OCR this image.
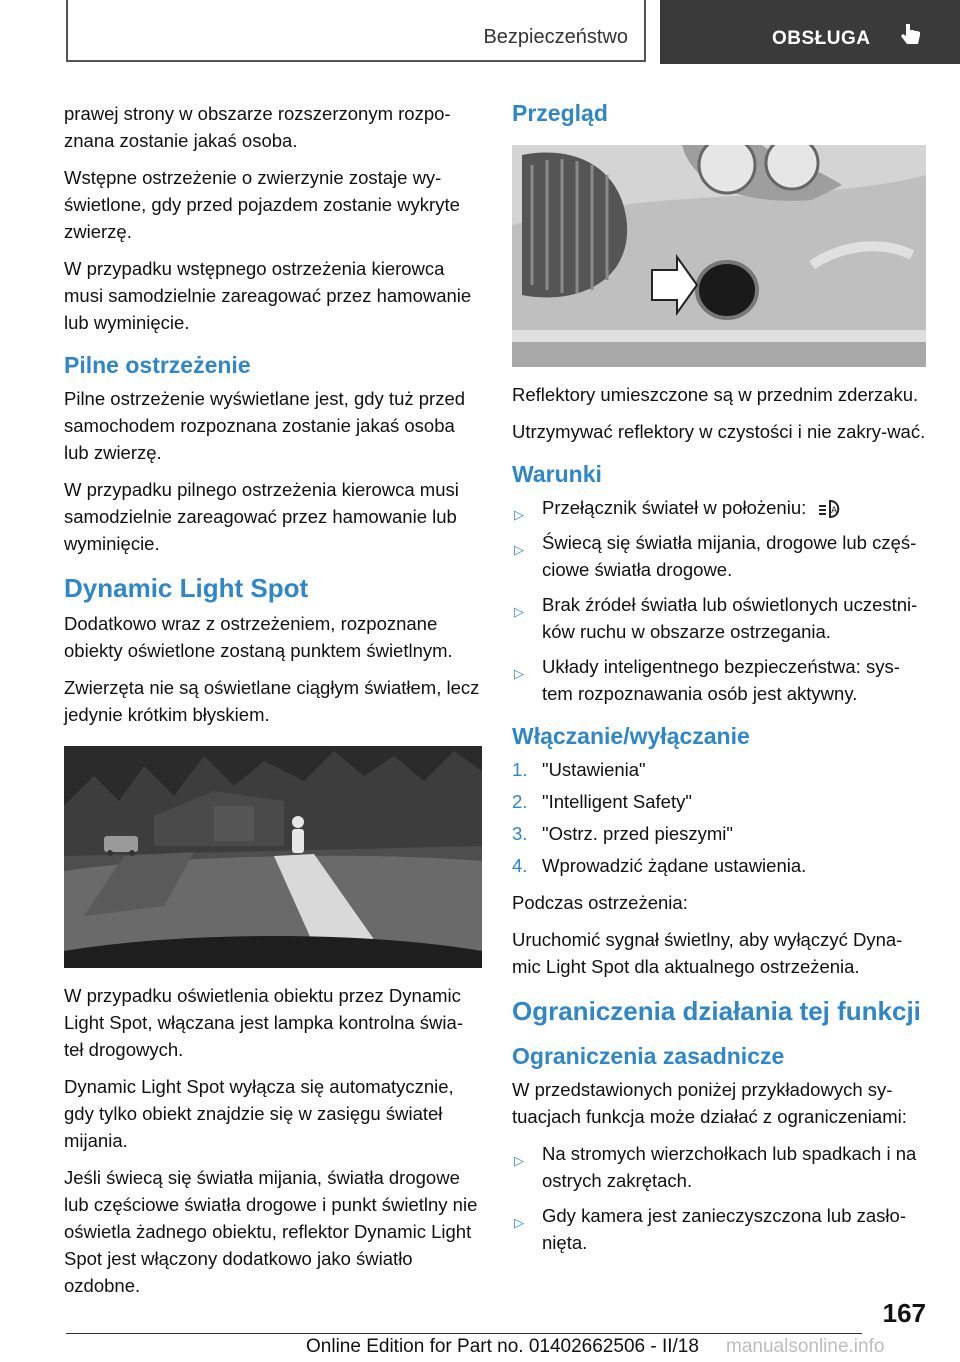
Bezpieczeństwo	OBSŁUGA

prawej strony w obszarze rozszerzonym rozpo-znana zostanie jakaś osoba.

Wstępne ostrzeżenie o zwierzynie zostaje wy-świetlone, gdy przed pojazdem zostanie wykryte zwierzę.

W przypadku wstępnego ostrzeżenia kierowca musi samodzielnie zareagować przez hamowanie lub wyminięcie.

Pilne ostrzeżenie

Pilne ostrzeżenie wyświetlane jest, gdy tuż przed samochodem rozpoznana zostanie jakaś osoba lub zwierzę.

W przypadku pilnego ostrzeżenia kierowca musi samodzielnie zareagować przez hamowanie lub wyminięcie.

Dynamic Light Spot

Dodatkowo wraz z ostrzeżeniem, rozpoznane obiekty oświetlone zostaną punktem świetlnym.

Zwierzęta nie są oświetlane ciągłym światłem, lecz jedynie krótkim błyskiem.

W przypadku oświetlenia obiektu przez Dynamic Light Spot, włączana jest lampka kontrolna świa-teł drogowych.

Dynamic Light Spot wyłącza się automatycznie, gdy tylko obiekt znajdzie się w zasięgu świateł mijania.

Jeśli świecą się światła mijania, światła drogowe lub częściowe światła drogowe i punkt świetlny nie oświetla żadnego obiektu, reflektor Dynamic Light Spot jest włączony dodatkowo jako światło ozdobne.

Przegląd

Reflektory umieszczone są w przednim zderzaku.

Utrzymywać reflektory w czystości i nie zakry-wać.

Warunki
▷ Przełącznik świateł w położeniu:	A
▷ Świecą się światła mijania, drogowe lub częś-ciowe światła drogowe.
▷ Brak źródeł światła lub oświetlonych uczestni-ków ruchu w obszarze ostrzegania.
▷ Układy inteligentnego bezpieczeństwa: sys-tem rozpoznawania osób jest aktywny.
Włączanie/wyłączanie
1. "Ustawienia"
2. "Intelligent Safety"
3. "Ostrz. przed pieszymi"
4. Wprowadzić żądane ustawienia.

Podczas ostrzeżenia:

Uruchomić sygnał świetlny, aby wyłączyć Dyna-mic Light Spot dla aktualnego ostrzeżenia.

Ograniczenia działania tej funkcji
Ograniczenia zasadnicze

W przedstawionych poniżej przykładowych sy-tuacjach funkcja może działać z ograniczeniami:

▷ Na stromych wierzchołkach lub spadkach i na ostrych zakrętach.
▷ Gdy kamera jest zanieczyszczona lub zasło-nięta.
167
Online Edition for Part no. 01402662506 - II/18 manualsonline.info
